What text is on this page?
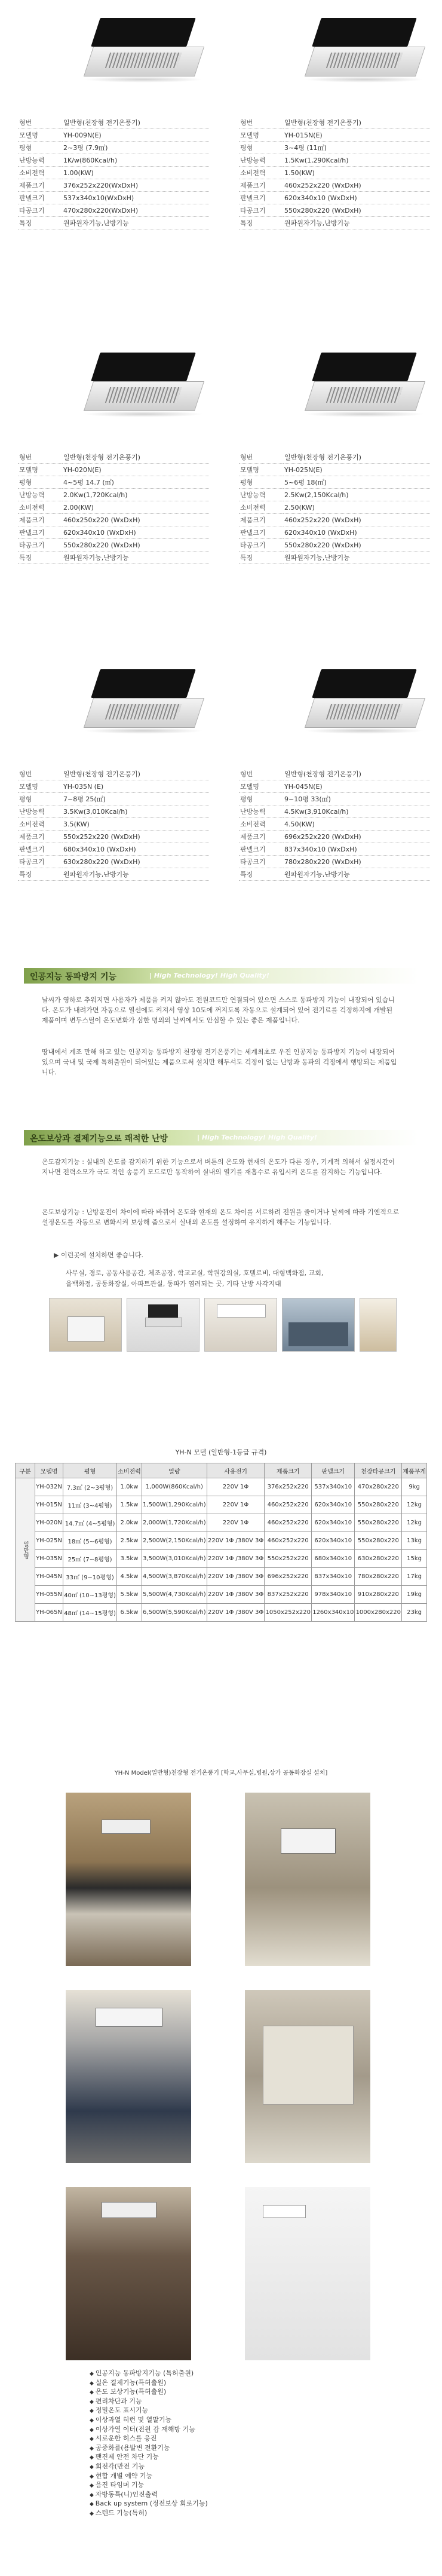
형번	일반형(천장형 전기온풍기)
모델명	YH-009N(E)
평형	2~3평 (7.9㎡)
난방능력	1K/w(860Kcal/h)
소비전력	1.00(KW)
제품크기	376x252x220(WxDxH)
판넬크기	537x340x10(WxDxH)
타공크기	470x280x220(WxDxH)
특징	원파원자기능,난방기능
형번	일반형(천장형 전기온풍기)
모델명	YH-015N(E)
평형	3~4평 (11㎡)
난방능력	1.5Kw(1,290Kcal/h)
소비전력	1.50(KW)
제품크기	460x252x220 (WxDxH)
판넬크기	620x340x10 (WxDxH)
타공크기	550x280x220 (WxDxH)
특징	원파원자기능,난방기능
형번	일반형(천장형 전기온풍기)
모델명	YH-020N(E)
평형	4~5평 14.7 (㎡)
난방능력	2.0Kw(1,720Kcal/h)
소비전력	2.00(KW)
제품크기	460x250x220 (WxDxH)
판넬크기	620x340x10 (WxDxH)
타공크기	550x280x220 (WxDxH)
특징	원파원자기능,난방기능
형번	일반형(천장형 전기온풍기)
모델명	YH-025N(E)
평형	5~6평 18(㎡)
난방능력	2.5Kw(2,150Kcal/h)
소비전력	2.50(KW)
제품크기	460x252x220 (WxDxH)
판넬크기	620x340x10 (WxDxH)
타공크기	550x280x220 (WxDxH)
특징	원파원자기능,난방기능
형번	일반형(천장형 전기온풍기)
모델명	YH-035N (E)
평형	7~8평 25(㎡)
난방능력	3.5Kw(3,010Kcal/h)
소비전력	3.5(KW)
제품크기	550x252x220 (WxDxH)
판넬크기	680x340x10 (WxDxH)
타공크기	630x280x220 (WxDxH)
특징	원파원자기능,난방기능
형번	일반형(천장형 전기온풍기)
모델명	YH-045N(E)
평형	9~10평 33(㎡)
난방능력	4.5Kw(3,910Kcal/h)
소비전력	4.50(KW)
제품크기	696x252x220 (WxDxH)
판넬크기	837x340x10 (WxDxH)
타공크기	780x280x220 (WxDxH)
특징	원파원자기능,난방기능
인공지능 동파방지 기능	| High Technology! High Quality!
날씨가 영하로 추워지면 사용자가 제품을 켜지 않아도 전원코드만 연결되어 있으면 스스로 동파방지 기능이 내장되어 있습니다. 온도가 내려가면 자동으로 열선에도 켜져서 영상 10도에 꺼지도록 자동으로 설계되어 있어 전기료를 걱정하지에 개발된 제품이며 변두스틸이 온도변화가 심한 명의의 날씨에서도 안심할 수 있는 좋은 제품입니다.
땅내에서 계조 만해 하고 있는 인공지능 동파방지 천장형 전기온풍기는 세계최초로 우진 인공지능 동파방지 기능이 내장되어 있으며 국내 및 국제 특허출원이 되어있는 제품으로써 설치만 해두셔도 걱정이 없는 난방과 동파의 걱정에서 행방되는 제품입니다.
온도보상과 결제기능으로 쾌적한 난방	| High Technology! High Quality!
온도감지기능 : 실내의 온도를 감지하기 위한 기능으로서 버튼의 온도와 현재의 온도가 다른 경우, 기계적 의해서 설정시간이 지나면 전력소모가 극도 적인 송풍기 모드로만 동작하여 실내의 열기를 재흡수로 유입시켜 온도를 감지하는 기능입니다.
온도보상기능 : 난방운전이 차이에 따라 바뀌어 온도와 현재의 온도 차이를 서로하려 전원을 줄이거나 날씨에 따라 기엔적으로 설정온도를 자동으로 변화시켜 보상해 줌으로서 실내의 온도를 설정하여 유지하게 해주는 기능입니다.
▶ 이런곳에 설치하면 좋습니다.
사무실, 경로, 공동사용공간, 체조공장, 학교교실, 학원강의실, 호텔로비, 대형백화점, 교회,
을백화점, 공동화장실, 아파트관실, 동파가 염려되는 곳, 기타 난방 사각지대
YH-N 모델 (일반형-1등급 규격)
구분	모델명	평형	소비전력	열량	사용전기	제품크기	판넬크기	천장타공크기	제품무게
일반형	YH-032N	7.3㎡ (2~3평형)	1.0kw	1,000W(860Kcal/h)	220V 1Φ	376x252x220	537x340x10	470x280x220	9kg
	YH-015N	11㎡ (3~4평형)	1.5kw	1,500W(1,290Kcal/h)	220V 1Φ	460x252x220	620x340x10	550x280x220	12kg
	YH-020N	14.7㎡ (4~5평형)	2.0kw	2,000W(1,720Kcal/h)	220V 1Φ	460x252x220	620x340x10	550x280x220	12kg
	YH-025N	18㎡ (5~6평형)	2.5kw	2,500W(2,150Kcal/h)	220V 1Φ /380V 3Φ	460x252x220	620x340x10	550x280x220	13kg
	YH-035N	25㎡ (7~8평형)	3.5kw	3,500W(3,010Kcal/h)	220V 1Φ /380V 3Φ	550x252x220	680x340x10	630x280x220	15kg
	YH-045N	33㎡ (9~10평형)	4.5kw	4,500W(3,870Kcal/h)	220V 1Φ /380V 3Φ	696x252x220	837x340x10	780x280x220	17kg
	YH-055N	40㎡ (10~13평형)	5.5kw	5,500W(4,730Kcal/h)	220V 1Φ /380V 3Φ	837x252x220	978x340x10	910x280x220	19kg
	YH-065N	48㎡ (14~15평형)	6.5kw	6,500W(5,590Kcal/h)	220V 1Φ /380V 3Φ	1050x252x220	1260x340x10	1000x280x220	23kg
YH-N Model(일반형)천장형 전기온풍기 [학교,사무실,병원,상가 공동화장실 설치]
◆ 인공지능 동파방지기능 (특허출원)
◆ 실온 결제기능(특허출원)
◆ 온도 보상기능(특허출원)
◆ 편리차단과 기능
◆ 정밀온도 표시기능
◆ 이상과열 히런 및 열말기능
◆ 이상가열 이터(전원 감 재해방 기능
◆ 시로운한 히스를 응진
◆ 공중화를(용발변 전환기능
◆ 팬진제 안전 차단 기능
◆ 회전각(만전 기능
◆ 현합 개별 예약 기능
◆ 음진 타임머 기능
◆ 자방동특(니)인진출력
◆ Back up system (정전보상 회로기능)
◆ 스텐드 기능(특허)
